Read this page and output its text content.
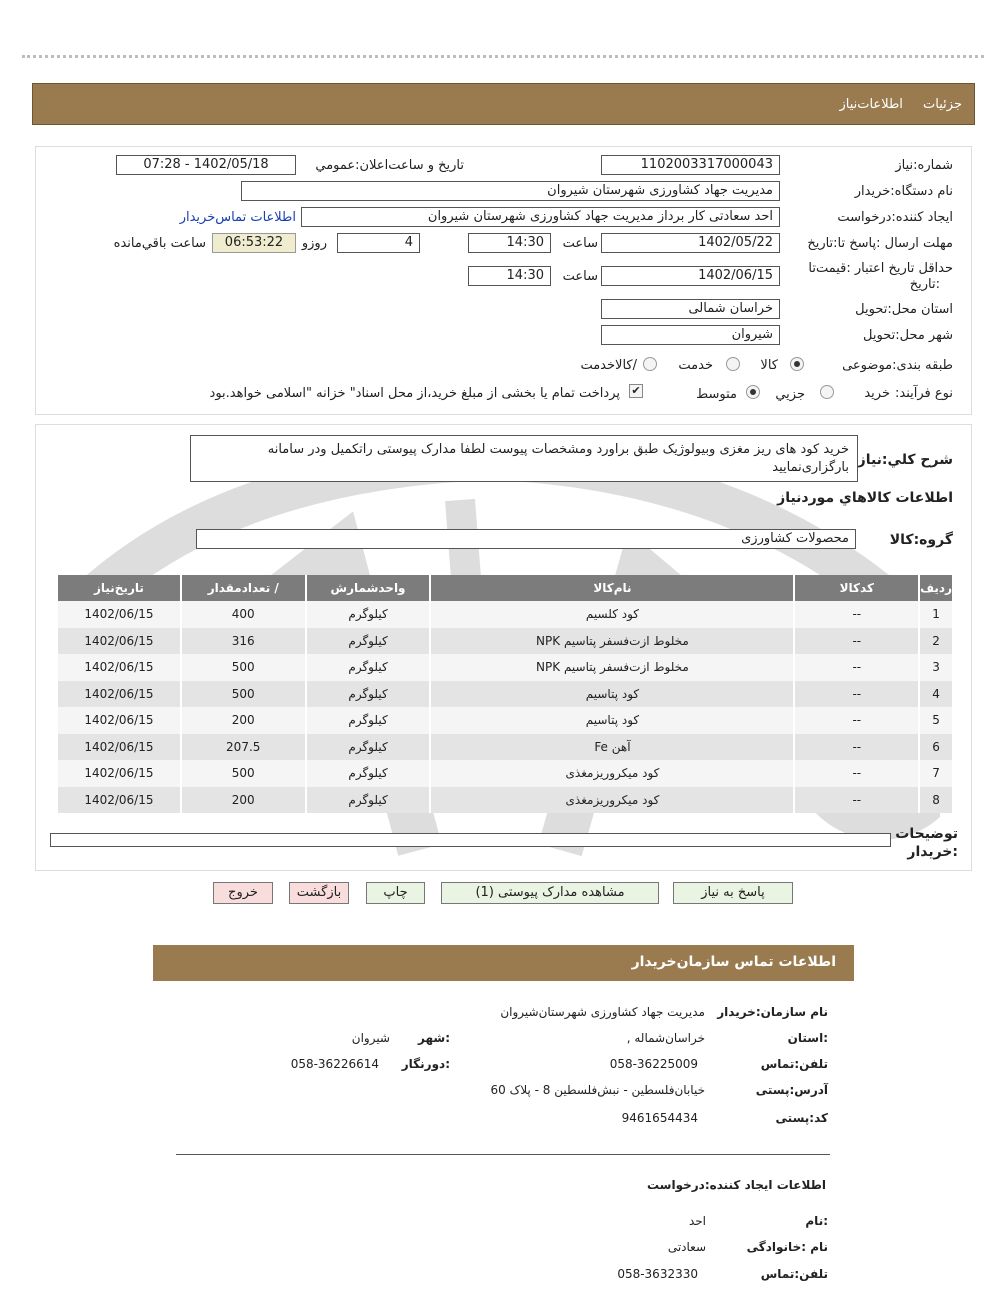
جزئیات اطلاعات‌نیاز
شماره:نیاز
1102003317000043
تاریخ و ساعت‌اعلان:عمومي
1402/05/18 - 07:28
نام دستگاه:خریدار
مدیریت جهاد کشاورزی شهرستان شیروان
ایجاد کننده:درخواست
احد سعادتی کار برداز مدیریت جهاد کشاورزی شهرستان شیروان
اطلاعات تماس‌خریدار
مهلت ارسال :پاسخ تا:تاریخ
1402/05/22
ساعت
14:30
4
روزو
06:53:22
ساعت باقي‌مانده
حداقل تاریخ اعتبار :قیمت‌تا
:تاریخ
1402/06/15
ساعت
14:30
استان محل:تحویل
خراسان شمالی
شهر محل:تحویل
شیروان
طبقه بندی:موضوعی
کالا
خدمت
/کالاخدمت
نوع فرآیند:
خرید
جزيي
متوسط
✔
پرداخت تمام یا بخشی از مبلغ خرید،از محل اسناد" خزانه "اسلامی خواهد.بود
شرح کلي:نیاز
خرید کود های ریز مغزی وبیولوژیک طبق براورد ومشخصات پیوست لطفا مدارک پیوستی راتکمیل ودر سامانه بارگزاری‌نمایید
اطلاعات کالاهاي مورد‌نیاز
گروه:کالا
محصولات کشاورزی
ردیف	کدکالا	نام‌کالا	واحدشمارش	/ تعداد‌مقدار	تاریخ‌نیاز
1	--	کود کلسیم	کیلوگرم	400	1402/06/15
2	--	مخلوط ازت‌فسفر پتاسیم NPK	کیلوگرم	316	1402/06/15
3	--	مخلوط ازت‌فسفر پتاسیم NPK	کیلوگرم	500	1402/06/15
4	--	کود پتاسیم	کیلوگرم	500	1402/06/15
5	--	کود پتاسیم	کیلوگرم	200	1402/06/15
6	--	آهن Fe	کیلوگرم	207.5	1402/06/15
7	--	کود میکروریزمغذی	کیلوگرم	500	1402/06/15
8	--	کود میکروریزمغذی	کیلوگرم	200	1402/06/15
توضیحات
:خریدار
پاسخ به نیاز
مشاهده مدارک پیوستی (1)
چاپ
بازگشت
خروج
اطلاعات تماس سازمان‌خریدار
نام سازمان:خریدار
مدیریت جهاد کشاورزی شهرستان‌شیروان
:استان
خراسان‌شماله ,
:شهر
شیروان
تلفن:تماس
058-36225009
:دورنگار
058-36226614
آدرس:پستی
خیابان‌فلسطین - نبش‌فلسطین 8 - پلاک 60
کد:پستی
9461654434
اطلاعات ایجاد کننده:درخواست
:نام
احد
نام :خانوادگی
سعادتی
تلفن:تماس
058-3632330
